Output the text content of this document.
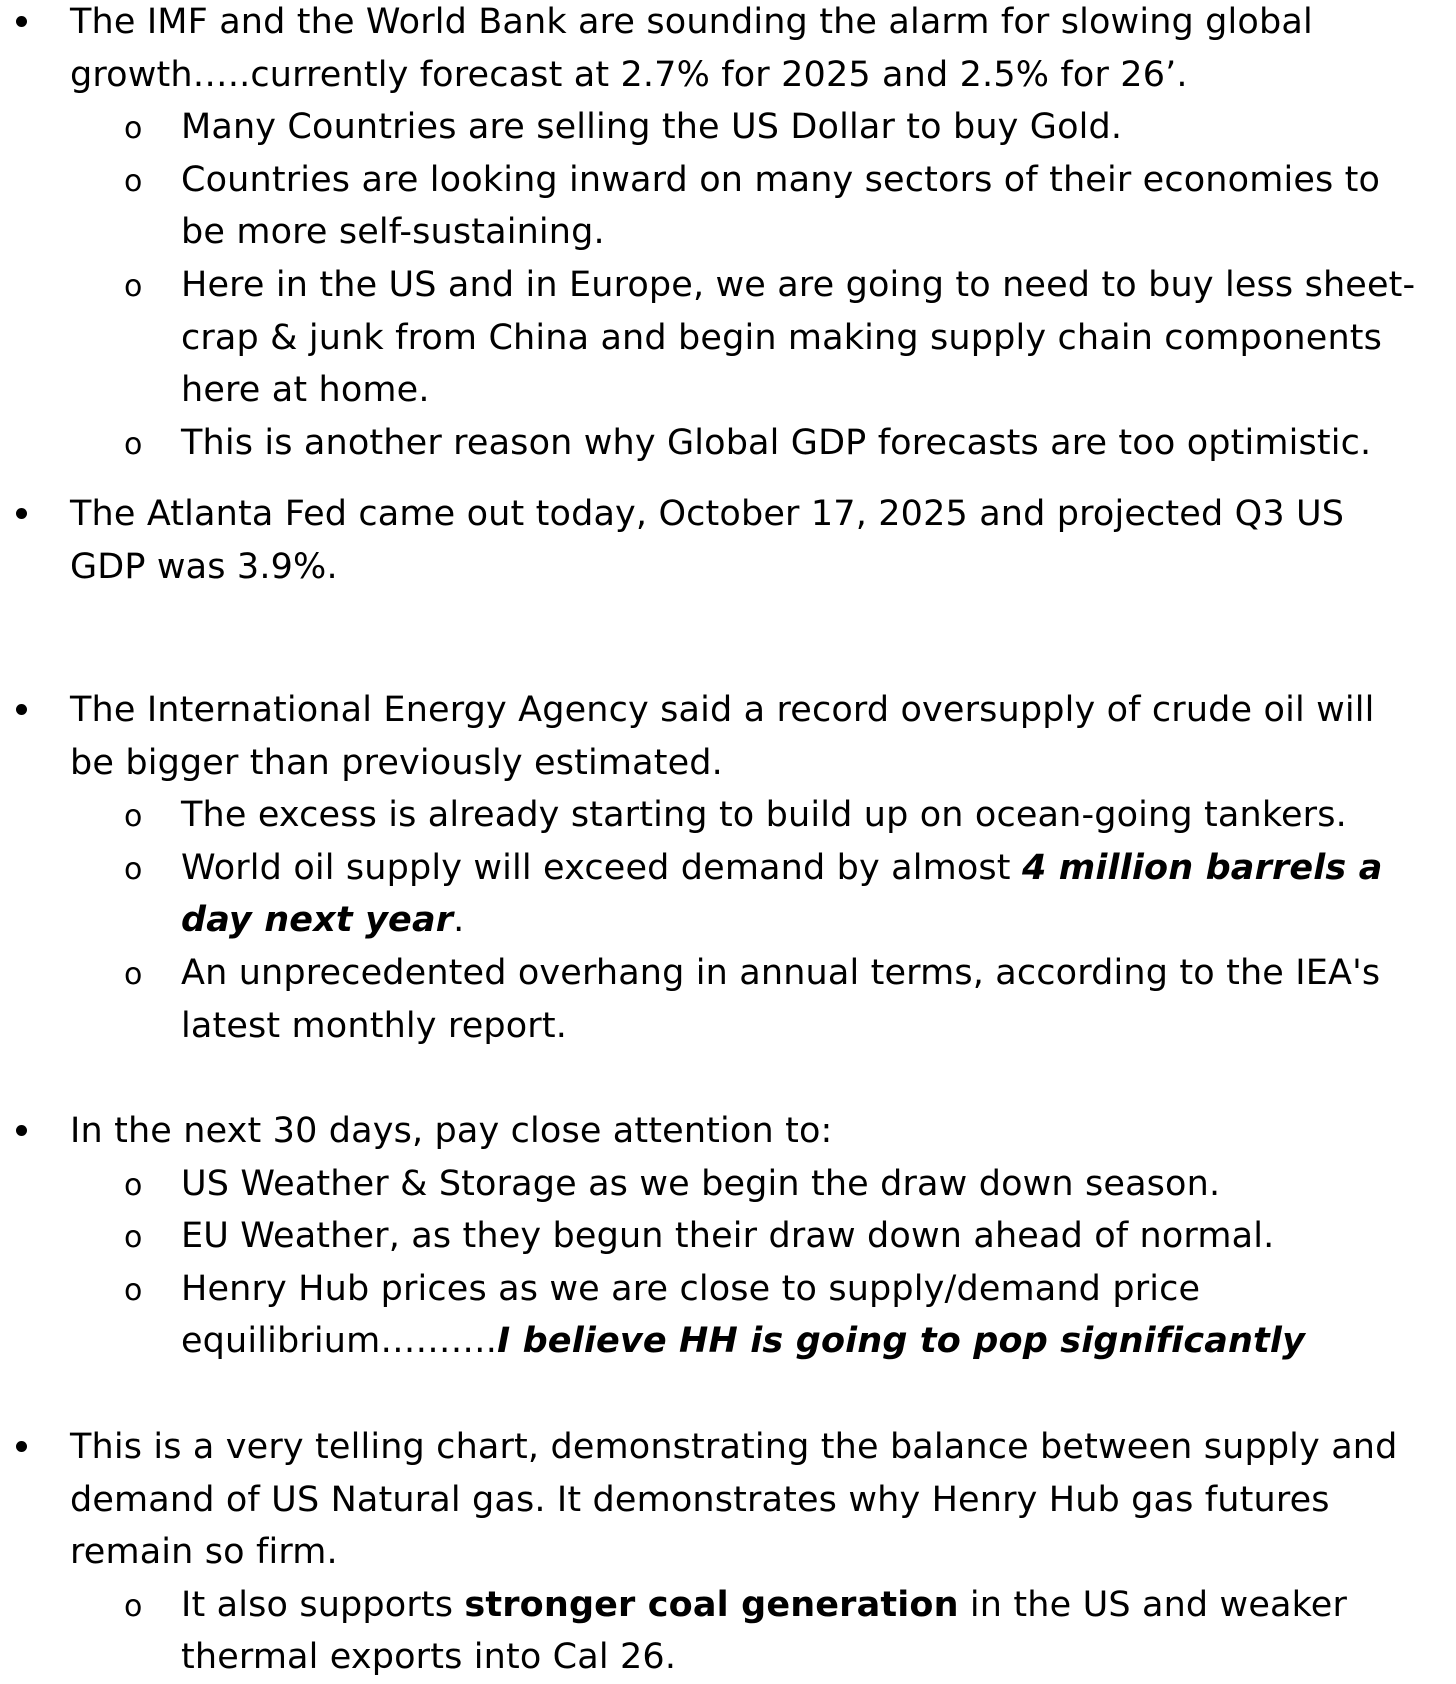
The IMF and the World Bank are sounding the alarm for slowing global growth…..currently forecast at 2.7% for 2025 and 2.5% for 26’.
o Many Countries are selling the US Dollar to buy Gold.
o Countries are looking inward on many sectors of their economies to be more self-sustaining.
o Here in the US and in Europe, we are going to need to buy less sheet-crap & junk from China and begin making supply chain components here at home.
o This is another reason why Global GDP forecasts are too optimistic.
The Atlanta Fed came out today, October 17, 2025 and projected Q3 US GDP was 3.9%.
The International Energy Agency said a record oversupply of crude oil will be bigger than previously estimated.
o The excess is already starting to build up on ocean-going tankers.
o World oil supply will exceed demand by almost 4 million barrels a day next year.
o An unprecedented overhang in annual terms, according to the IEA's latest monthly report.
In the next 30 days, pay close attention to:
o US Weather & Storage as we begin the draw down season.
o EU Weather, as they begun their draw down ahead of normal.
o Henry Hub prices as we are close to supply/demand price equilibrium……….I believe HH is going to pop significantly
This is a very telling chart, demonstrating the balance between supply and demand of US Natural gas. It demonstrates why Henry Hub gas futures remain so firm.
o It also supports stronger coal generation in the US and weaker thermal exports into Cal 26.
